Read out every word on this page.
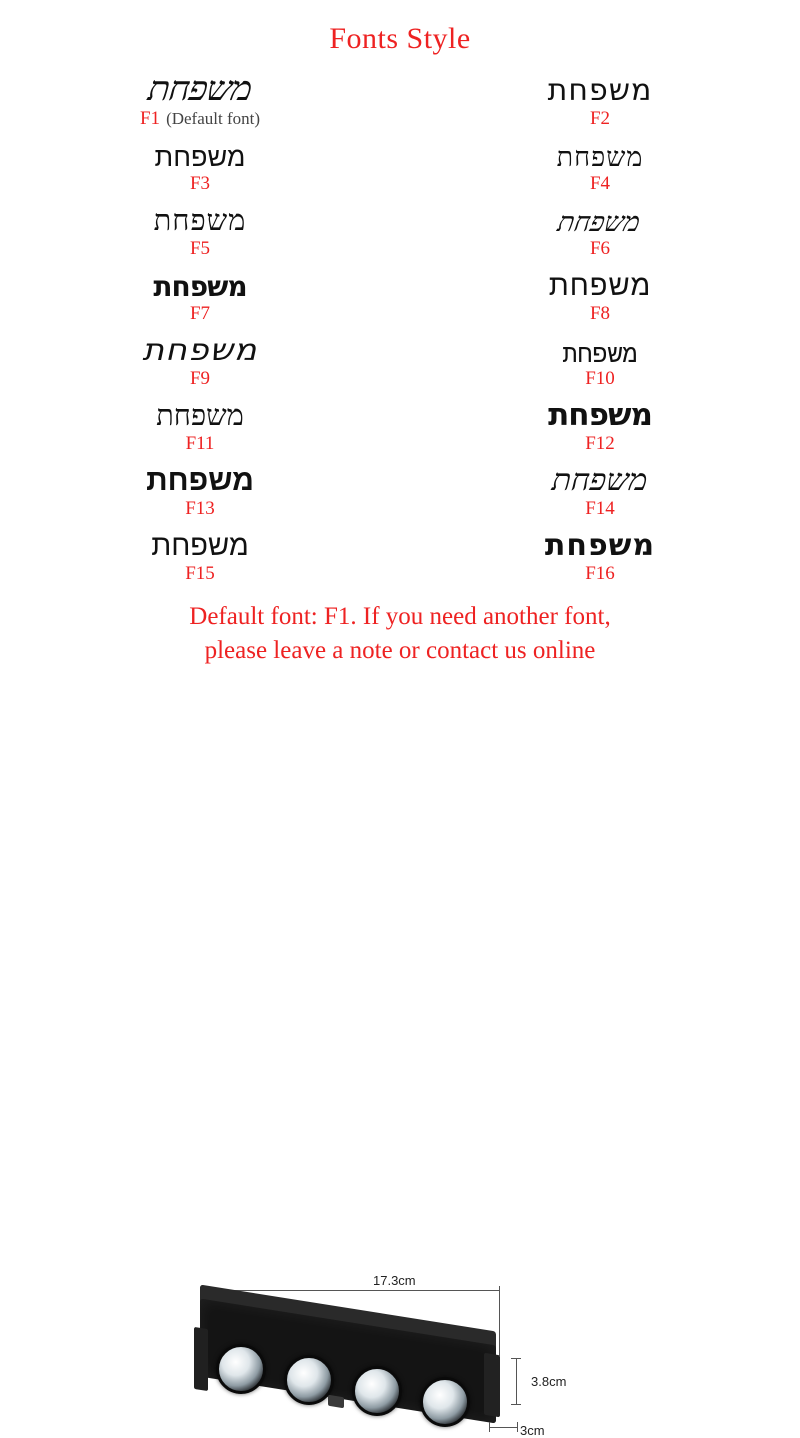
Fonts Style
משפחת
F1 (Default font)
משפחת
F2
משפחת
F3
משפחת
F4
משפחת
F5
משפחת
F6
משפחת
F7
משפחת
F8
משפחת
F9
משפחת
F10
משפחת
F11
משפחת
F12
משפחת
F13
משפחת
F14
משפחת
F15
משפחת
F16
Default font: F1. If you need another font,
please leave a note or contact us online
17.3cm
3.8cm
3cm
